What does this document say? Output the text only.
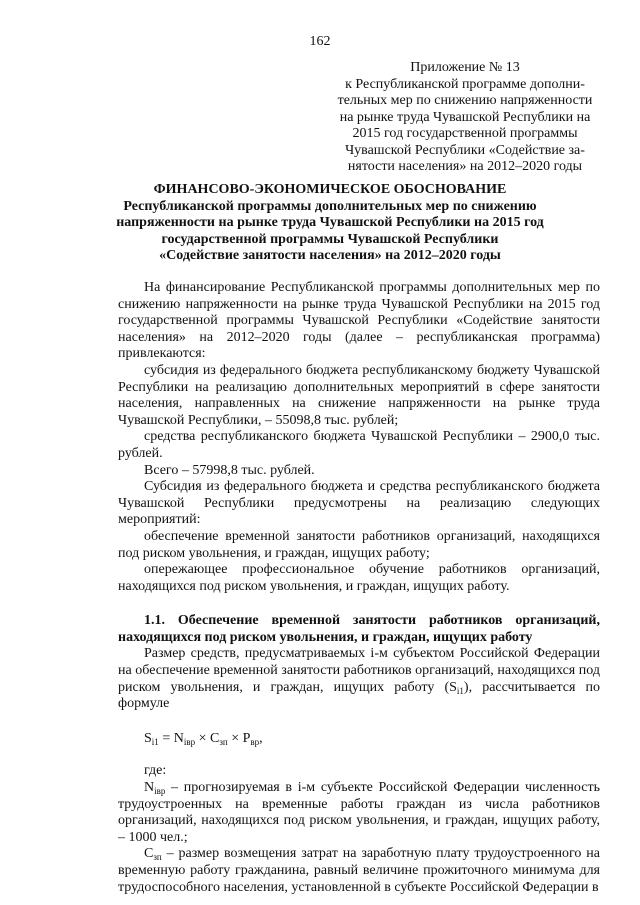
162
Приложение № 13
к Республиканской программе дополни-
тельных мер по снижению напряженности
на рынке труда Чувашской Республики на
2015 год государственной программы
Чувашской Республики «Содействие за-
нятости населения» на 2012–2020 годы
ФИНАНСОВО-ЭКОНОМИЧЕСКОЕ ОБОСНОВАНИЕ
Республиканской программы дополнительных мер по снижению
напряженности на рынке труда Чувашской Республики на 2015 год
государственной программы Чувашской Республики
«Содействие занятости населения» на 2012–2020 годы

На финансирование Республиканской программы дополнительных мер по снижению напряженности на рынке труда Чувашской Республики на 2015 год государственной программы Чувашской Республики «Содействие занятости населения» на 2012–2020 годы (далее – республиканская программа) привлекаются:

субсидия из федерального бюджета республиканскому бюджету Чувашской Республики на реализацию дополнительных мероприятий в сфере занятости населения, направленных на снижение напряженности на рынке труда Чувашской Республики, – 55098,8 тыс. рублей;

средства республиканского бюджета Чувашской Республики – 2900,0 тыс. рублей.

Всего – 57998,8 тыс. рублей.

Субсидия из федерального бюджета и средства республиканского бюджета Чувашской Республики предусмотрены на реализацию следующих мероприятий:

обеспечение временной занятости работников организаций, находящихся под риском увольнения, и граждан, ищущих работу;

опережающее профессиональное обучение работников организаций, находящихся под риском увольнения, и граждан, ищущих работу.

1.1. Обеспечение временной занятости работников организаций, находящихся под риском увольнения, и граждан, ищущих работу

Размер средств, предусматриваемых i-м субъектом Российской Федерации на обеспечение временной занятости работников организаций, находящихся под риском увольнения, и граждан, ищущих работу $(S_{i1})$, рассчитывается по формуле

$S_{i1} = N_{iвр} \times C_{зп} \times P_{вр}$,

где:

$N_{iвр}$ – прогнозируемая в i-м субъекте Российской Федерации численность трудоустроенных на временные работы граждан из числа работников организаций, находящихся под риском увольнения, и граждан, ищущих работу, – 1000 чел.;

$C_{зп}$ – размер возмещения затрат на заработную плату трудоустроенного на временную работу гражданина, равный величине прожиточного минимума для трудоспособного населения, установленной в субъекте Российской Федерации в
